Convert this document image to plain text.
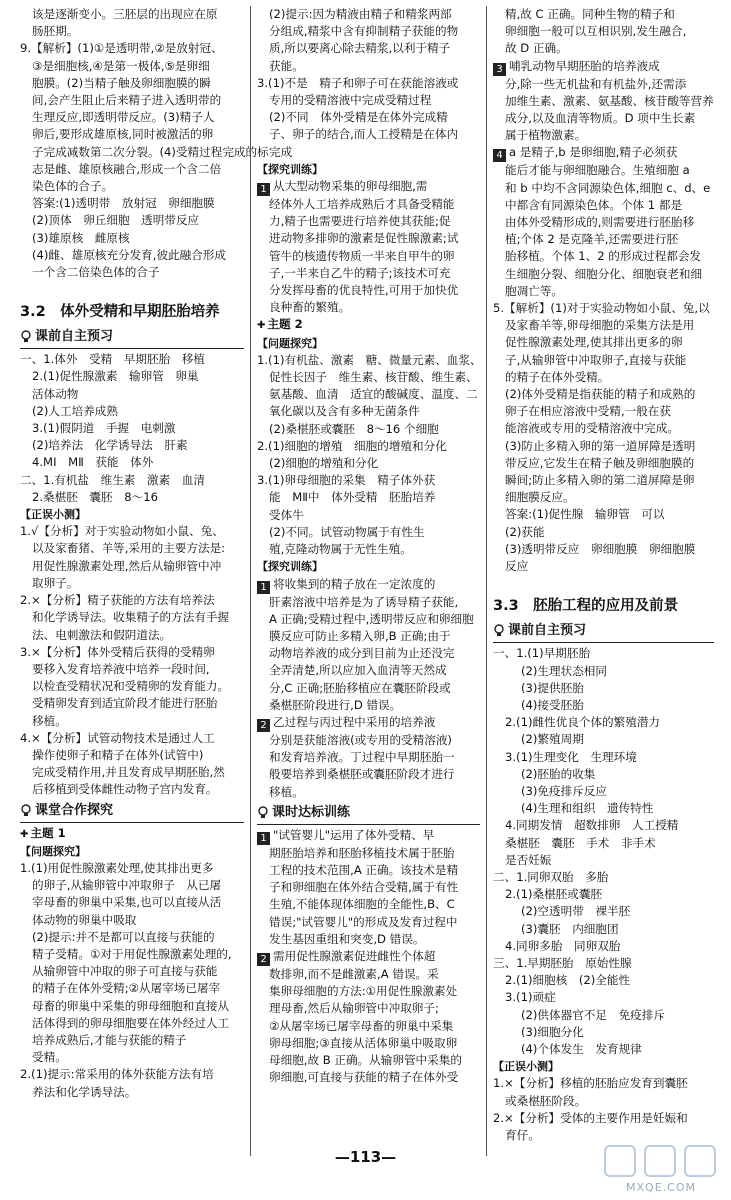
该是逐渐变小。三胚层的出现应在原
肠胚期。
9.【解析】(1)①是透明带,②是放射冠、
③是细胞核,④是第一极体,⑤是卵细
胞膜。(2)当精子触及卵细胞膜的瞬
间,会产生阻止后来精子进入透明带的
生理反应,即透明带反应。(3)精子人
卵后,要形成雄原核,同时被激活的卵
子完成减数第二次分裂。(4)受精过程完成的标
志是雌、雄原核融合,形成一个含二倍
染色体的合子。
答案:(1)透明带　放射冠　卵细胞膜
(2)顶体　卵丘细胞　透明带反应
(3)雄原核　雌原核
(4)雌、雄原核充分发育,彼此融合形成
一个含二倍染色体的合子
3.2　体外受精和早期胚胎培养
课前自主预习
一、1.体外　受精　早期胚胎　移植
2.(1)促性腺激素　输卵管　卵巢
活体动物
(2)人工培养成熟
3.(1)假阴道　手握　电刺激
(2)培养法　化学诱导法　肝素
4.MⅠ　MⅡ　获能　体外
二、1.有机盐　维生素　激素　血清
2.桑椹胚　囊胚　8～16
【正误小测】
1.√【分析】对于实验动物如小鼠、兔、
以及家畜猪、羊等,采用的主要方法是:
用促性腺激素处理,然后从输卵管中冲
取卵子。
2.×【分析】精子获能的方法有培养法
和化学诱导法。收集精子的方法有手握
法、电刺激法和假阴道法。
3.×【分析】体外受精后获得的受精卵
要移入发育培养液中培养一段时间,
以检查受精状况和受精卵的发育能力。
受精卵发育到适宜阶段才能进行胚胎
移植。
4.×【分析】试管动物技术是通过人工
操作使卵子和精子在体外(试管中)
完成受精作用,并且发育成早期胚胎,然
后移植到受体雌性动物子宫内发育。
课堂合作探究
✚ 主题 1
【问题探究】
1.(1)用促性腺激素处理,使其排出更多
的卵子,从输卵管中冲取卵子　从已屠
宰母畜的卵巢中采集,也可以直接从活
体动物的卵巢中吸取
(2)提示:并不是都可以直接与获能的
精子受精。①对于用促性腺激素处理的,
从输卵管中冲取的卵子可直接与获能
的精子在体外受精;②从屠宰场已屠宰
母畜的卵巢中采集的卵母细胞和直接从
活体得到的卵母细胞要在体外经过人工
培养成熟后,才能与获能的精子
受精。
2.(1)提示:常采用的体外获能方法有培
养法和化学诱导法。
(2)提示:因为精液由精子和精浆两部
分组成,精浆中含有抑制精子获能的物
质,所以要离心除去精浆,以利于精子
获能。
3.(1)不是　精子和卵子可在获能溶液或
专用的受精溶液中完成受精过程
(2)不同　体外受精是在体外完成精
子、卵子的结合,而人工授精是在体内
完成
【探究训练】
1 从大型动物采集的卵母细胞,需
经体外人工培养成熟后才具备受精能
力,精子也需要进行培养使其获能;促
进动物多排卵的激素是促性腺激素;试
管牛的核遗传物质一半来自甲牛的卵
子,一半来自乙牛的精子;该技术可充
分发挥母畜的优良特性,可用于加快优
良种畜的繁殖。
✚ 主题 2
【问题探究】
1.(1)有机盐、激素　糖、微量元素、血浆、
促性长因子　维生素、核苷酸、维生素、
氨基酸、血清　适宜的酸碱度、温度、二
氧化碳以及含有多种无菌条件
(2)桑椹胚或囊胚　8～16 个细胞
2.(1)细胞的增殖　细胞的增殖和分化
(2)细胞的增殖和分化
3.(1)卵母细胞的采集　精子体外获
能　MⅡ中　体外受精　胚胎培养
受体牛
(2)不同。试管动物属于有性生
殖,克隆动物属于无性生殖。
【探究训练】
1 将收集到的精子放在一定浓度的
肝素溶液中培养是为了诱导精子获能,
A 正确;受精过程中,透明带反应和卵细胞
膜反应可防止多精入卵,B 正确;由于
动物培养液的成分到目前为止还没完
全弄清楚,所以应加入血清等天然成
分,C 正确;胚胎移植应在囊胚阶段或
桑椹胚阶段进行,D 错误。
2 乙过程与丙过程中采用的培养液
分别是获能溶液(或专用的受精溶液)
和发育培养液。丁过程中早期胚胎一
般要培养到桑椹胚或囊胚阶段才进行
移植。
课时达标训练
1 "试管婴儿"运用了体外受精、早
期胚胎培养和胚胎移植技术属于胚胎
工程的技术范围,A 正确。该技术是精
子和卵细胞在体外结合受精,属于有性
生殖,不能体现体细胞的全能性,B、C
错误;"试管婴儿"的形成及发育过程中
发生基因重组和突变,D 错误。
2 需用促性腺激素促进雌性个体超
数排卵,而不是雌激素,A 错误。采
集卵母细胞的方法:①用促性腺激素处
理母畜,然后从输卵管中冲取卵子;
②从屠宰场已屠宰母畜的卵巢中采集
卵母细胞;③直接从活体卵巢中吸取卵
母细胞,故 B 正确。从输卵管中采集的
卵细胞,可直接与获能的精子在体外受
精,故 C 正确。同种生物的精子和
卵细胞一般可以互相识别,发生融合,
故 D 正确。
3 哺乳动物早期胚胎的培养液成
分,除一些无机盐和有机盐外,还需添
加维生素、激素、氨基酸、核苷酸等营养
成分,以及血清等物质。D 项中生长素
属于植物激素。
4 a 是精子,b 是卵细胞,精子必须获
能后才能与卵细胞融合。生殖细胞 a
和 b 中均不含同源染色体,细胞 c、d、e
中都含有同源染色体。个体 1 都是
由体外受精形成的,则需要进行胚胎移
植;个体 2 是克隆羊,还需要进行胚
胎移植。个体 1、2 的形成过程都会发
生细胞分裂、细胞分化、细胞衰老和细
胞凋亡等。
5.【解析】(1)对于实验动物如小鼠、兔,以
及家畜羊等,卵母细胞的采集方法是用
促性腺激素处理,使其排出更多的卵
子,从输卵管中冲取卵子,直接与获能
的精子在体外受精。
(2)体外受精是指获能的精子和成熟的
卵子在相应溶液中受精,一般在获
能溶液或专用的受精溶液中完成。
(3)防止多精入卵的第一道屏障是透明
带反应,它发生在精子触及卵细胞膜的
瞬间;防止多精入卵的第二道屏障是卵
细胞膜反应。
答案:(1)促性腺　输卵管　可以
(2)获能
(3)透明带反应　卵细胞膜　卵细胞膜
反应
3.3　胚胎工程的应用及前景
课前自主预习
一、1.(1)早期胚胎
(2)生理状态相同
(3)提供胚胎
(4)接受胚胎
2.(1)雌性优良个体的繁殖潜力
(2)繁殖周期
3.(1)生理变化　生理环境
(2)胚胎的收集
(3)免疫排斥反应
(4)生理和组织　遗传特性
4.同期发情　超数排卵　人工授精
桑椹胚　囊胚　手术　非手术
是否妊娠
二、1.同卵双胎　多胎
2.(1)桑椹胚或囊胚
(2)空透明带　裸半胚
(3)囊胚　内细胞团
4.同卵多胎　同卵双胎
三、1.早期胚胎　原始性腺
2.(1)细胞核　(2)全能性
3.(1)顽症
(2)供体器官不足　免疫排斥
(3)细胞分化
(4)个体发生　发育规律
【正误小测】
1.×【分析】移植的胚胎应发育到囊胚
或桑椹胚阶段。
2.×【分析】受体的主要作用是妊娠和
育仔。
—113—
MXQE.COM
